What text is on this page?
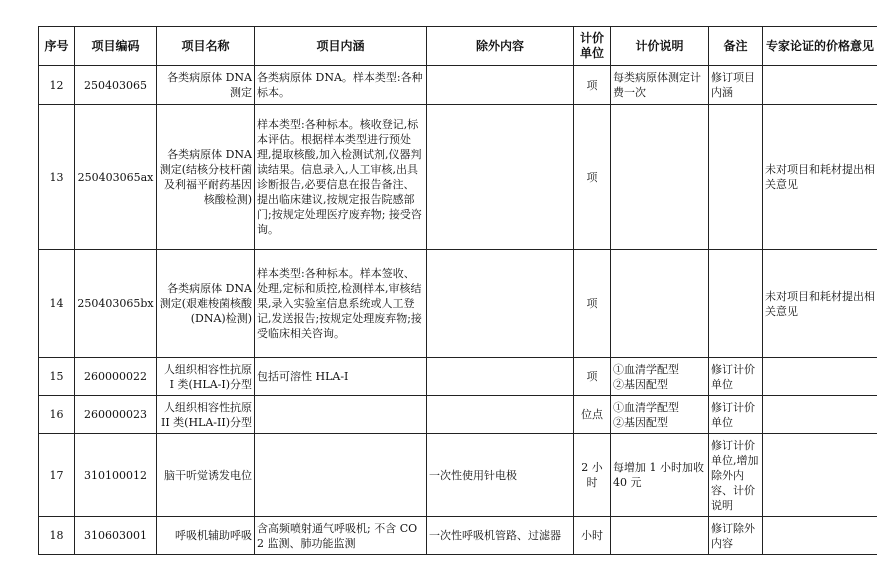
序号	项目编码	项目名称	项目内涵	除外内容	计价单位	计价说明	备注	专家论证的价格意见
12	250403065	各类病原体 DNA 测定	各类病原体 DNA。样本类型:各种标本。		项	每类病原体测定计费一次	修订项目内涵	
13	250403065ax	各类病原体 DNA 测定(结核分枝杆菌及利福平耐药基因核酸检测)	样本类型:各种标本。核收登记,标本评估。根据样本类型进行预处理,提取核酸,加入检测试剂,仪器判读结果。信息录入,人工审核,出具诊断报告,必要信息在报告备注、提出临床建议,按规定报告院感部门;按规定处理医疗废弃物; 接受咨询。		项			未对项目和耗材提出相关意见
14	250403065bx	各类病原体 DNA 测定(艰难梭菌核酸(DNA)检测)	样本类型:各种标本。样本签收、处理,定标和质控,检测样本,审核结果,录入实验室信息系统或人工登记,发送报告;按规定处理废弃物;接受临床相关咨询。		项			未对项目和耗材提出相关意见
15	260000022	人组织相容性抗原 I 类(HLA-I)分型	包括可溶性 HLA-I		项	①血清学配型
②基因配型	修订计价单位	
16	260000023	人组织相容性抗原 II 类(HLA-II)分型			位点	①血清学配型
②基因配型	修订计价单位	
17	310100012	脑干听觉诱发电位		一次性使用针电极	2 小时	每增加 1 小时加收 40 元	修订计价单位,增加除外内容、计价说明	
18	310603001	呼吸机辅助呼吸	含高频喷射通气呼吸机; 不含 CO2 监测、肺功能监测	一次性呼吸机管路、过滤器	小时		修订除外内容	
